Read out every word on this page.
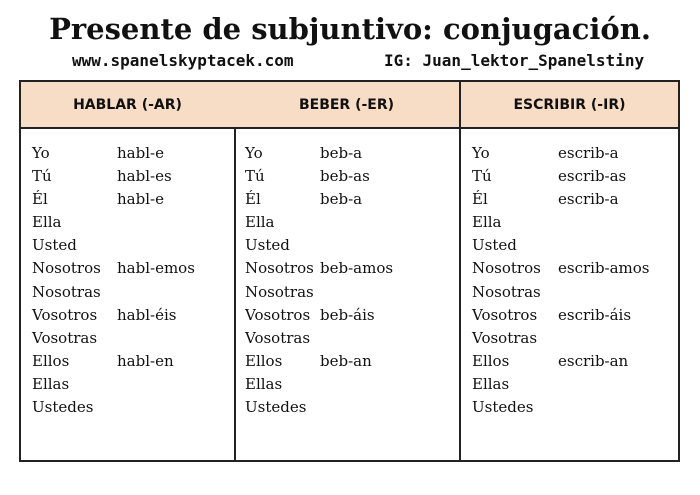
Presente de subjuntivo: conjugación.
www.spanelskyptacek.com	IG: Juan_lektor_Spanelstiny
HABLAR (-AR)
Yo	habl-e
Tú	habl-es
Él	habl-e
Ella
Usted
Nosotros habl-emos
Nosotras
Vosotros habl-éis
Vosotras
Ellos	habl-en
Ellas
Ustedes
BEBER (-ER)
Yo	beb-a
Tú	beb-as
Él	beb-a
Ella
Usted
Nosotros beb-amos
Nosotras
Vosotros beb-áis
Vosotras
Ellos	beb-an
Ellas
Ustedes
ESCRIBIR (-IR)
Yo	escrib-a
Tú	escrib-as
Él	escrib-a
Ella
Usted
Nosotros escrib-amos
Nosotras
Vosotros escrib-áis
Vosotras
Ellos	escrib-an
Ellas
Ustedes
